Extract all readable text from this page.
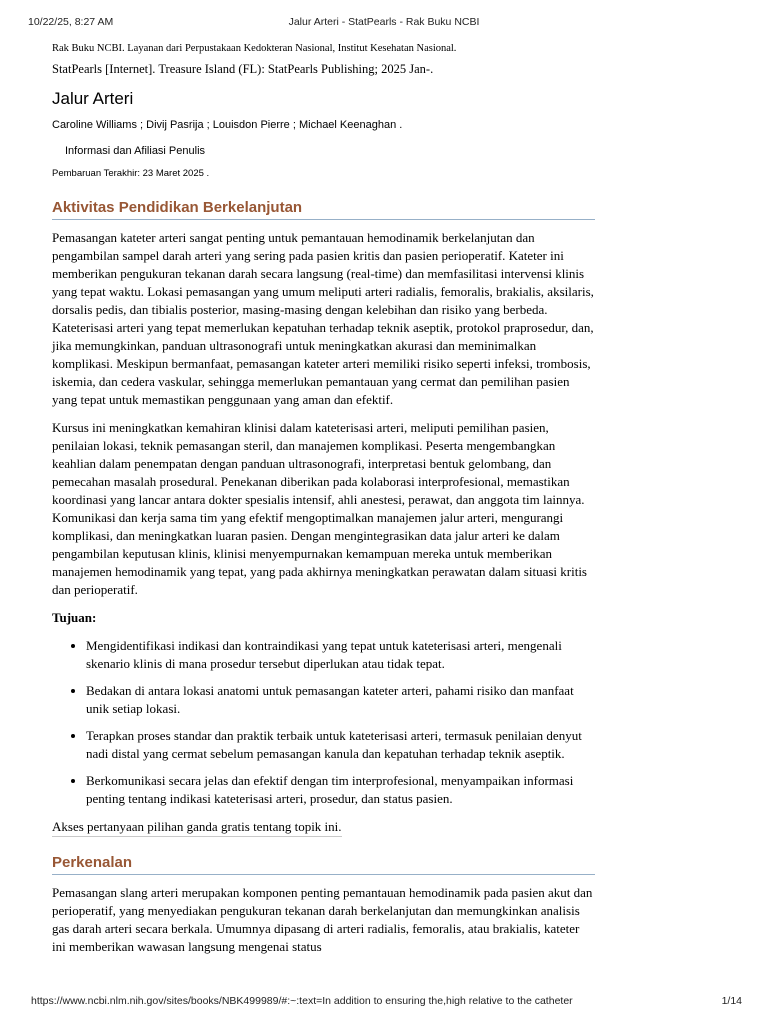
10/22/25, 8:27 AM	Jalur Arteri - StatPearls - Rak Buku NCBI
Rak Buku NCBI. Layanan dari Perpustakaan Kedokteran Nasional, Institut Kesehatan Nasional.
StatPearls [Internet]. Treasure Island (FL): StatPearls Publishing; 2025 Jan-.
Jalur Arteri
Caroline Williams ; Divij Pasrija ; Louisdon Pierre ; Michael Keenaghan .
Informasi dan Afiliasi Penulis
Pembaruan Terakhir: 23 Maret 2025 .
Aktivitas Pendidikan Berkelanjutan

Pemasangan kateter arteri sangat penting untuk pemantauan hemodinamik berkelanjutan dan pengambilan sampel darah arteri yang sering pada pasien kritis dan pasien perioperatif. Kateter ini memberikan pengukuran tekanan darah secara langsung (real-time) dan memfasilitasi intervensi klinis yang tepat waktu. Lokasi pemasangan yang umum meliputi arteri radialis, femoralis, brakialis, aksilaris, dorsalis pedis, dan tibialis posterior, masing-masing dengan kelebihan dan risiko yang berbeda. Kateterisasi arteri yang tepat memerlukan kepatuhan terhadap teknik aseptik, protokol praprosedur, dan, jika memungkinkan, panduan ultrasonografi untuk meningkatkan akurasi dan meminimalkan komplikasi. Meskipun bermanfaat, pemasangan kateter arteri memiliki risiko seperti infeksi, trombosis, iskemia, dan cedera vaskular, sehingga memerlukan pemantauan yang cermat dan pemilihan pasien yang tepat untuk memastikan penggunaan yang aman dan efektif.

Kursus ini meningkatkan kemahiran klinisi dalam kateterisasi arteri, meliputi pemilihan pasien, penilaian lokasi, teknik pemasangan steril, dan manajemen komplikasi. Peserta mengembangkan keahlian dalam penempatan dengan panduan ultrasonografi, interpretasi bentuk gelombang, dan pemecahan masalah prosedural. Penekanan diberikan pada kolaborasi interprofesional, memastikan koordinasi yang lancar antara dokter spesialis intensif, ahli anestesi, perawat, dan anggota tim lainnya. Komunikasi dan kerja sama tim yang efektif mengoptimalkan manajemen jalur arteri, mengurangi komplikasi, dan meningkatkan luaran pasien. Dengan mengintegrasikan data jalur arteri ke dalam pengambilan keputusan klinis, klinisi menyempurnakan kemampuan mereka untuk memberikan manajemen hemodinamik yang tepat, yang pada akhirnya meningkatkan perawatan dalam situasi kritis dan perioperatif.

Tujuan:
• Mengidentifikasi indikasi dan kontraindikasi yang tepat untuk kateterisasi arteri, mengenali skenario klinis di mana prosedur tersebut diperlukan atau tidak tepat.
• Bedakan di antara lokasi anatomi untuk pemasangan kateter arteri, pahami risiko dan manfaat unik setiap lokasi.
• Terapkan proses standar dan praktik terbaik untuk kateterisasi arteri, termasuk penilaian denyut nadi distal yang cermat sebelum pemasangan kanula dan kepatuhan terhadap teknik aseptik.
• Berkomunikasi secara jelas dan efektif dengan tim interprofesional, menyampaikan informasi penting tentang indikasi kateterisasi arteri, prosedur, dan status pasien.
Akses pertanyaan pilihan ganda gratis tentang topik ini.
Perkenalan

Pemasangan slang arteri merupakan komponen penting pemantauan hemodinamik pada pasien akut dan perioperatif, yang menyediakan pengukuran tekanan darah berkelanjutan dan memungkinkan analisis gas darah arteri secara berkala. Umumnya dipasang di arteri radialis, femoralis, atau brakialis, kateter ini memberikan wawasan langsung mengenai status

https://www.ncbi.nlm.nih.gov/sites/books/NBK499989/#:~:text=In addition to ensuring the,high relative to the catheter	1/14
